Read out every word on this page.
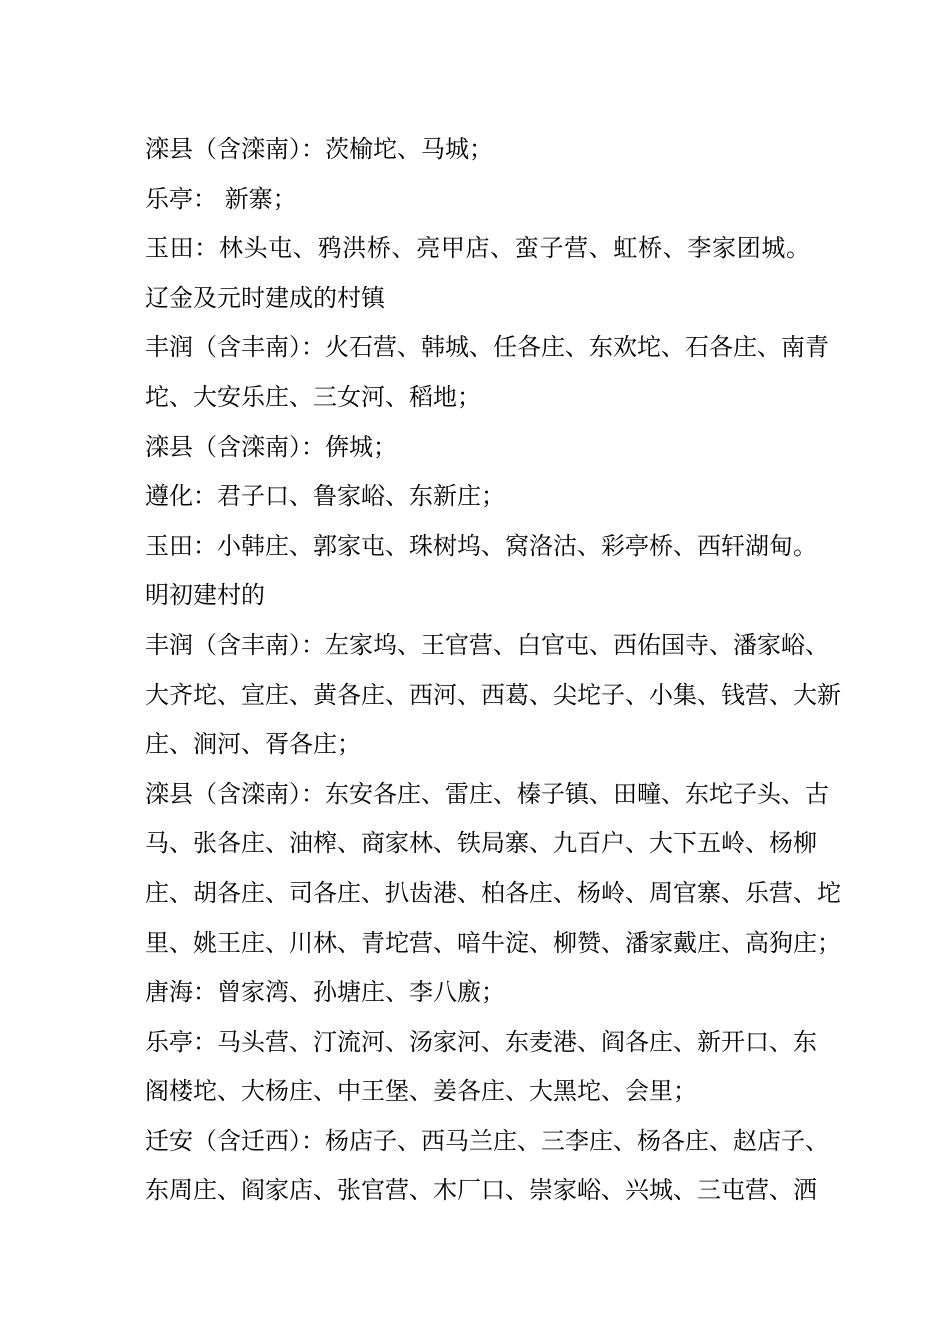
滦县（含滦南）：茨榆坨、马城；
乐亭： 新寨；
玉田：林头屯、鸦洪桥、亮甲店、蛮子营、虹桥、李家团城。
辽金及元时建成的村镇
丰润（含丰南）：火石营、韩城、任各庄、东欢坨、石各庄、南青
坨、大安乐庄、三女河、稻地；
滦县（含滦南）：倴城；
遵化：君子口、鲁家峪、东新庄；
玉田：小韩庄、郭家屯、珠树坞、窝洛沽、彩亭桥、西轩湖甸。
明初建村的
丰润（含丰南）：左家坞、王官营、白官屯、西佑国寺、潘家峪、
大齐坨、宣庄、黄各庄、西河、西葛、尖坨子、小集、钱营、大新
庄、涧河、胥各庄；
滦县（含滦南）：东安各庄、雷庄、榛子镇、田疃、东坨子头、古
马、张各庄、油榨、商家林、铁局寨、九百户、大下五岭、杨柳
庄、胡各庄、司各庄、扒齿港、柏各庄、杨岭、周官寨、乐营、坨
里、姚王庄、川林、青坨营、喑牛淀、柳赞、潘家戴庄、高狗庄；
唐海：曾家湾、孙塘庄、李八廒；
乐亭：马头营、汀流河、汤家河、东麦港、阎各庄、新开口、东
阁楼坨、大杨庄、中王堡、姜各庄、大黑坨、会里；
迁安（含迁西）：杨店子、西马兰庄、三李庄、杨各庄、赵店子、
东周庄、阎家店、张官营、木厂口、崇家峪、兴城、三屯营、洒
